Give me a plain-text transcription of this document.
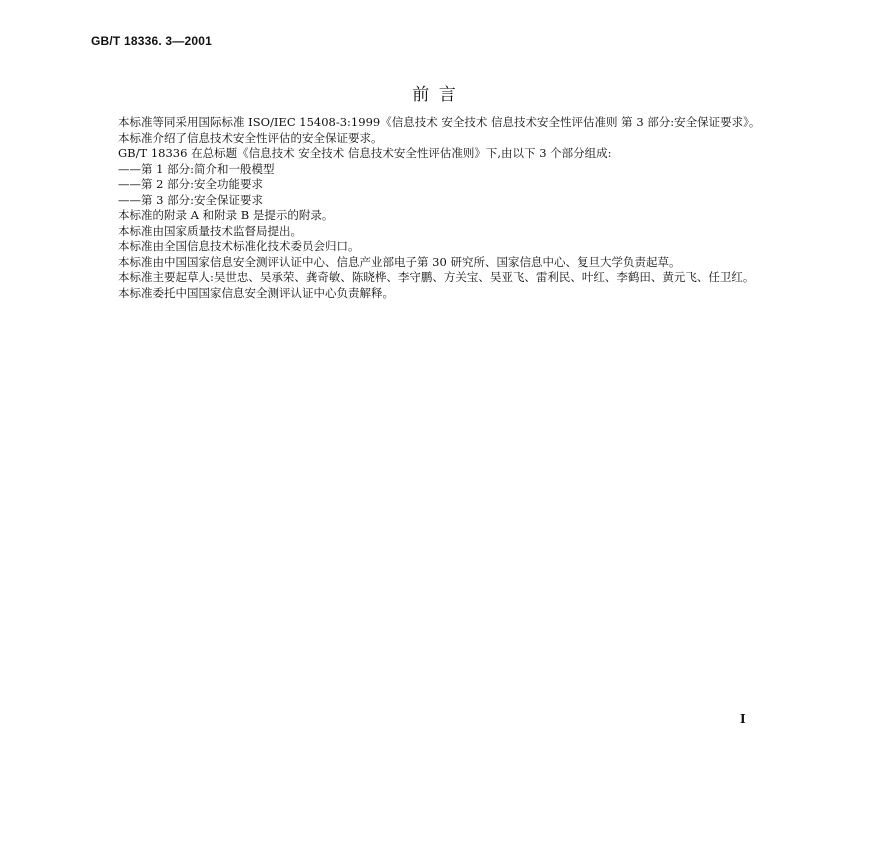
GB/T 18336. 3—2001
前 言

本标准等同采用国际标准 ISO/IEC 15408-3:1999《信息技术 安全技术 信息技术安全性评估准则 第 3 部分:安全保证要求》。

本标准介绍了信息技术安全性评估的安全保证要求。

GB/T 18336 在总标题《信息技术 安全技术 信息技术安全性评估准则》下,由以下 3 个部分组成:

——第 1 部分:简介和一般模型

——第 2 部分:安全功能要求

——第 3 部分:安全保证要求

本标准的附录 A 和附录 B 是提示的附录。

本标准由国家质量技术监督局提出。

本标准由全国信息技术标准化技术委员会归口。

本标准由中国国家信息安全测评认证中心、信息产业部电子第 30 研究所、国家信息中心、复旦大学负责起草。

本标准主要起草人:吴世忠、吴承荣、龚奇敏、陈晓桦、李守鹏、方关宝、吴亚飞、雷利民、叶红、李鹤田、黄元飞、任卫红。

本标准委托中国国家信息安全测评认证中心负责解释。

I
